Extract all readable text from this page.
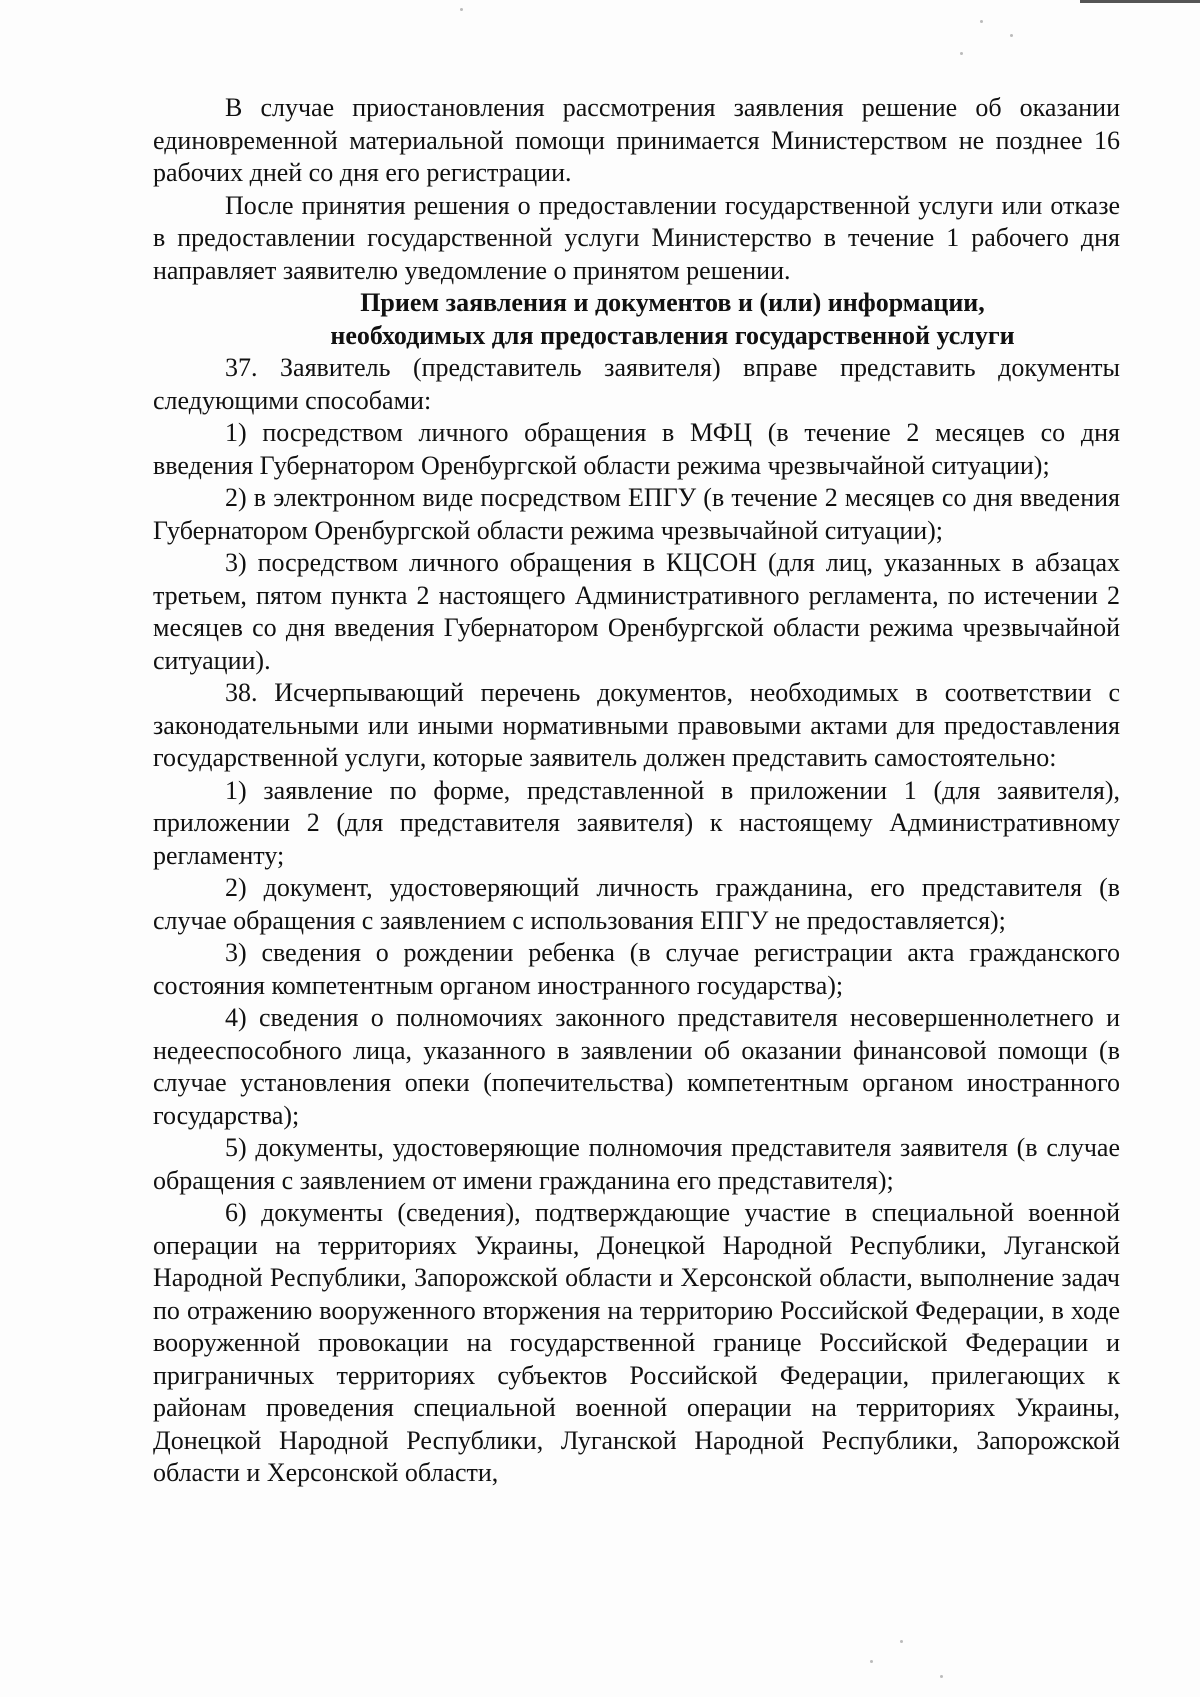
В случае приостановления рассмотрения заявления решение об оказании единовременной материальной помощи принимается Министерством не позднее 16 рабочих дней со дня его регистрации.

После принятия решения о предоставлении государственной услуги или отказе в предоставлении государственной услуги Министерство в течение 1 рабочего дня направляет заявителю уведомление о принятом решении.

Прием заявления и документов и (или) информации,
необходимых для предоставления государственной услуги

37. Заявитель (представитель заявителя) вправе представить документы следующими способами:

1) посредством личного обращения в МФЦ (в течение 2 месяцев со дня введения Губернатором Оренбургской области режима чрезвычайной ситуации);

2) в электронном виде посредством ЕПГУ (в течение 2 месяцев со дня введения Губернатором Оренбургской области режима чрезвычайной ситуации);

3) посредством личного обращения в КЦСОН (для лиц, указанных в абзацах третьем, пятом пункта 2 настоящего Административного регламента, по истечении 2 месяцев со дня введения Губернатором Оренбургской области режима чрезвычайной ситуации).

38. Исчерпывающий перечень документов, необходимых в соответствии с законодательными или иными нормативными правовыми актами для предоставления государственной услуги, которые заявитель должен представить самостоятельно:

1) заявление по форме, представленной в приложении 1 (для заявителя), приложении 2 (для представителя заявителя) к настоящему Административному регламенту;

2) документ, удостоверяющий личность гражданина, его представителя (в случае обращения с заявлением с использования ЕПГУ не предоставляется);

3) сведения о рождении ребенка (в случае регистрации акта гражданского состояния компетентным органом иностранного государства);

4) сведения о полномочиях законного представителя несовершеннолетнего и недееспособного лица, указанного в заявлении об оказании финансовой помощи (в случае установления опеки (попечительства) компетентным органом иностранного государства);

5) документы, удостоверяющие полномочия представителя заявителя (в случае обращения с заявлением от имени гражданина его представителя);

6) документы (сведения), подтверждающие участие в специальной военной операции на территориях Украины, Донецкой Народной Республики, Луганской Народной Республики, Запорожской области и Херсонской области, выполнение задач по отражению вооруженного вторжения на территорию Российской Федерации, в ходе вооруженной провокации на государственной границе Российской Федерации и приграничных территориях субъектов Российской Федерации, прилегающих к районам проведения специальной военной операции на территориях Украины, Донецкой Народной Республики, Луганской Народной Республики, Запорожской области и Херсонской области,
